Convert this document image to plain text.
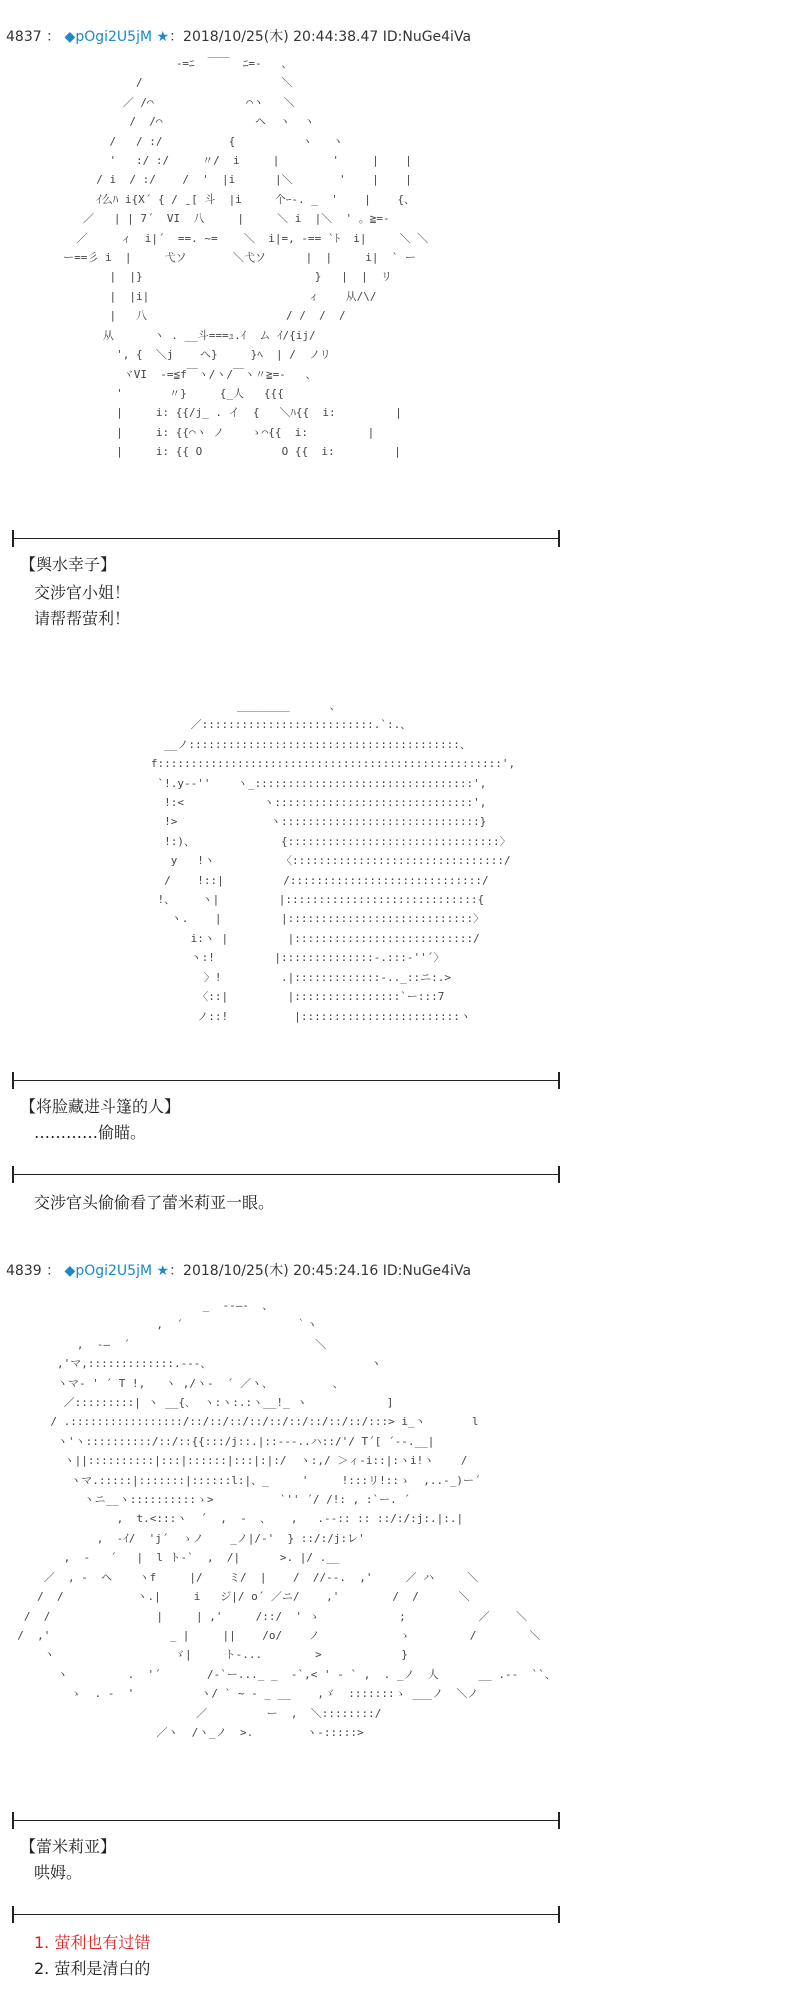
4837 ： ◆pOgi2U5jM ★：2018/10/25(木) 20:44:38.47 ID:NuGe4iVa
-=ﾆ  ￣￣  ﾆ=-   、
/                     ＼
／ /⌒              ⌒ヽ   ＼
/  /⌒              ヘ  ヽ  ヽ
/   / :/          {          ヽ   ヽ
'   :/ :/     〃/  i     |        '     |    |
/ i  / :/    /  '  |i      |＼       '    |    |
ｲ么ﾊ i{X´ { / ˍ[ 斗  |i     个ｰ-. _  '    |    {、
／   | | 7´  VI  八     |     ＼ i  |＼  ' 。≧=-
／     ィ  i|´  ==. ~=    ＼  i|=, -== `ﾄ  i|     ＼ ＼
ー==彡 i  |     弋ソ       ＼弋ソ      |  |     i|  ` ー
|  |}                          }   |  |  リ
|  |i|                        ィ    从/\/
|   八                     / /  /  /
从      ヽ . __斗===ｭ.ｲ  ム ｲ/{ij/
', {  ＼j    ヘ}     }ﾍ  | /  ノリ
ヾVI  -=≦f￣ヽ/ヽ/￣ヽ〃≧=-   、
'       〃}     {_人   {{{
|     i: {{/j_ . イ  {   ＼ﾊ{{  i:         |
|     i: {{⌒ヽ ノ    ゝ⌒{{  i:         |
|     i: {{ O            O {{  i:         |
【舆水幸子】
交涉官小姐！
请帮帮萤利！
________      、
／::::::::::::::::::::::::::.`:.、
__ノ:::::::::::::::::::::::::::::::::::::::::、
f::::::::::::::::::::::::::::::::::::::::::::::::::::',
`!.y-‐''    ヽ_:::::::::::::::::::::::::::::::::',
!:<            ヽ::::::::::::::::::::::::::::::',
!>              ヽ::::::::::::::::::::::::::::::}
!:)、             {::::::::::::::::::::::::::::::::〉
y   !ヽ          〈::::::::::::::::::::::::::::::::/
/    !::|         /:::::::::::::::::::::::::::::/
!、    ヽ|         |:::::::::::::::::::::::::::::{
ヽ.    |         |::::::::::::::::::::::::::::〉
i:ヽ |         |:::::::::::::::::::::::::::/
ヽ:!         |::::::::::::::-.:::‐''´〉
〉!         .|:::::::::::::-.._::ニ:.>
〈::|         |::::::::::::::::`ー:::7
ノ::!          |::::::::::::::::::::::::ヽ
【将脸藏进斗篷的人】
…………偷瞄。
交涉官头偷偷看了蕾米莉亚一眼。
4839 ： ◆pOgi2U5jM ★：2018/10/25(木) 20:45:24.16 ID:NuGe4iVa
_  --―-  、
,  ´                 ｀ヽ
,  -―  ´                            ＼
,'マ,:::::::::::::.-‐-、                        ヽ
ヽマ‐ ' ´ T !,   ヽ ,/ヽ-  ´ ／ヽ、         、
／:::::::::| ヽ __{､  ヽ:ヽ:.:ヽ__!_ ヽ            ]
/ .:::::::::::::::::/::/::/::/::/::/::/::/::/::/:::> i_ヽ       l
ヽ'ヽ::::::::::/::/::{{:::/j::.|::-‐-..ハ::/'/ T´[ ´‐-.__|
ヽ||::::::::::|:::|::::::|:::|:|:/  ヽ:,/ ＞ィ‐i::|:ヽi!ヽ    /
ヽマ.:::::|:::::::|::::::l:|、_     '     !:::リ!::ゝ  ,..-_)ー´
ヽニ__ヽ::::::::::ゝ>          `'' ´/ /!: , :`ー. ´
,  t.<:::ヽ  ´  ,  -  、   ,   .--:: :: ::/:/:j:.|:.|
,  -ｲ/  'j´  ゝノ    _ノ|/-'  } ::/:/j:レ'
,  -   ´   |  l ト-`  ,  /|      >. |/ .__
／  , -  ヘ    ヽf     |/    ミ/  |    /  //--.  ,'     ／ ハ     ＼
/  /           ヽ.|     i   ジ|/ o´ ／ニ/    ,'        /  /      ＼
/  /                |     | ,'     /::/  ' ゝ            ;           ／    ＼
/  ,'                  _ |     ||    /o/    ノ            ゝ         /        ＼
ヽ                  ゞ|     ト-...        >            }
ヽ         .  '´       /-`ー..._ _  -`,< ' - ` ,  . _ノ  人      __ .--  ``、
ゝ  . -  '          ヽ/ ` ~ - _ __    ,ゞ  :::::::ゝ ___ノ  ＼ノ
／         ー  ,  ＼::::::::/
／ヽ  /ヽ_ノ  >.        ヽ-:::::>
【蕾米莉亚】
哄姆。
1. 萤利也有过错
2. 萤利是清白的
